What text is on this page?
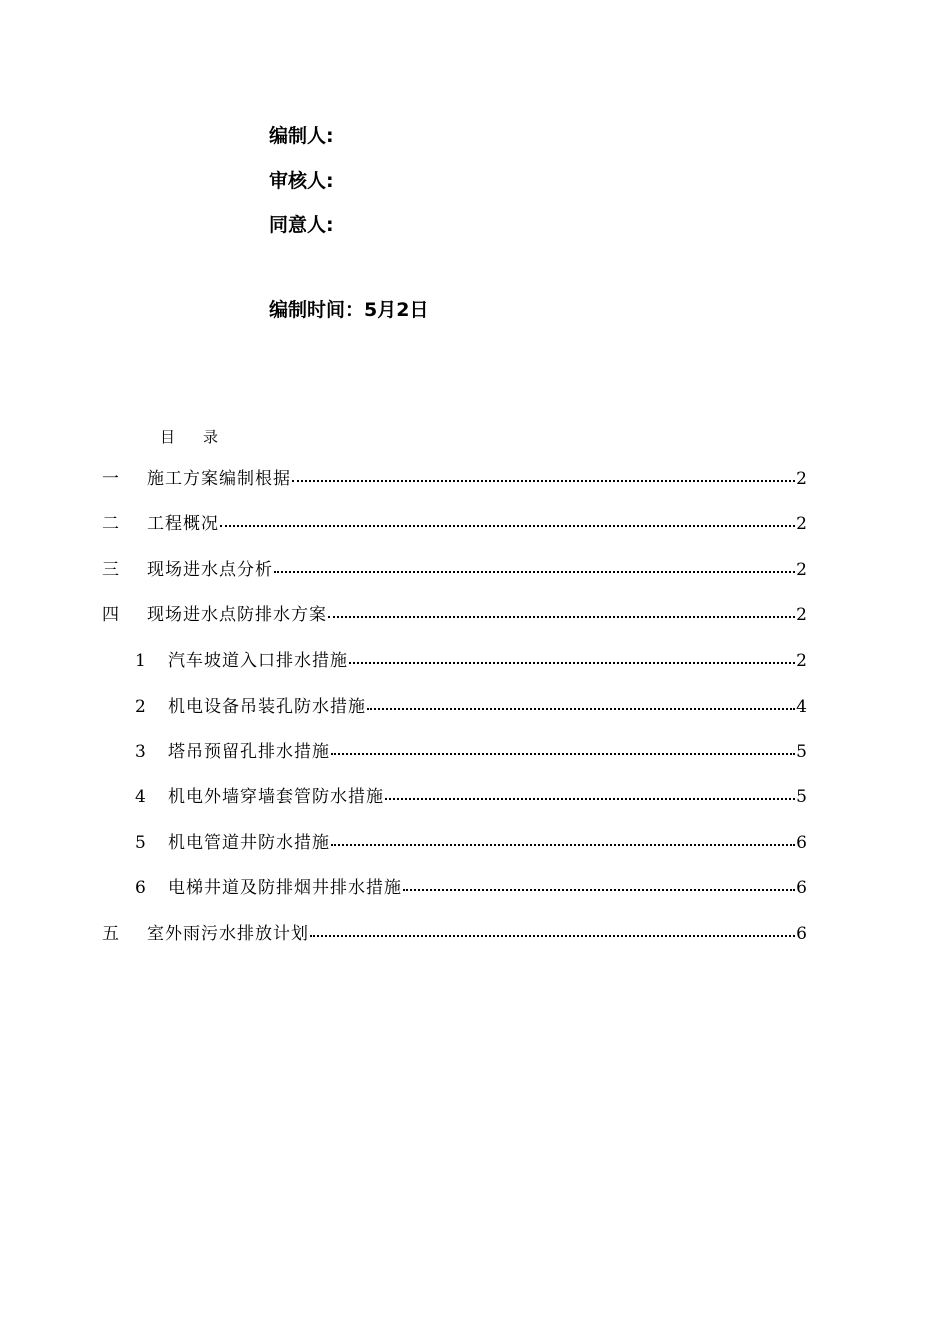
编制人:
审核人:
同意人:
编制时间：5月2日
目 录
一	施工方案编制根据	2
二	工程概况	2
三	现场进水点分析	2
四	现场进水点防排水方案	2
1	汽车坡道入口排水措施	2
2	机电设备吊装孔防水措施	4
3	塔吊预留孔排水措施	5
4	机电外墙穿墙套管防水措施	5
5	机电管道井防水措施	6
6	电梯井道及防排烟井排水措施	6
五	室外雨污水排放计划	6
